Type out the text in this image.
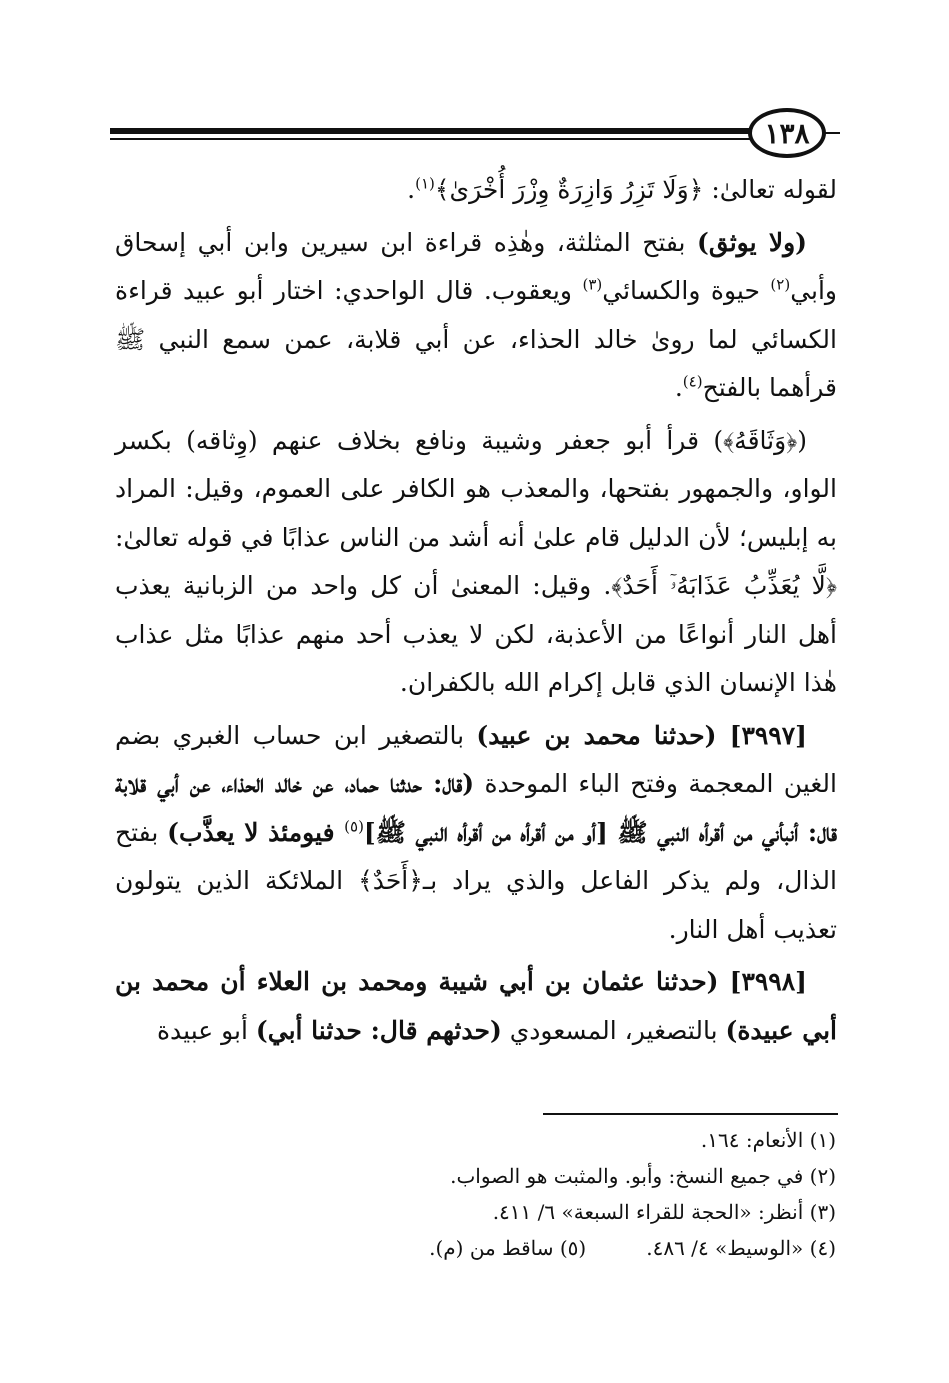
١٣٨

لقوله تعالىٰ: ﴿وَلَا تَزِرُ وَازِرَةٌ وِزْرَ أُخْرَىٰ﴾$^{(١)}$.

(ولا يوثق) بفتح المثلثة، وهٰذِه قراءة ابن سيرين وابن أبي إسحاق وأبي$^{(٢)}$ حيوة والكسائي$^{(٣)}$ ويعقوب. قال الواحدي: اختار أبو عبيد قراءة الكسائي لما روىٰ خالد الحذاء، عن أبي قلابة، عمن سمع النبي ﷺ قرأهما بالفتح$^{(٤)}$.

(﴿وَثَاقَهُ﴾) قرأ أبو جعفر وشيبة ونافع بخلاف عنهم (وِثاقه) بكسر الواو، والجمهور بفتحها، والمعذب هو الكافر على العموم، وقيل: المراد به إبليس؛ لأن الدليل قام علىٰ أنه أشد من الناس عذابًا في قوله تعالىٰ: ﴿لَّا يُعَذِّبُ عَذَابَهُۥٓ أَحَدٌ﴾. وقيل: المعنىٰ أن كل واحد من الزبانية يعذب أهل النار أنواعًا من الأعذبة، لكن لا يعذب أحد منهم عذابًا مثل عذاب هٰذا الإنسان الذي قابل إكرام الله بالكفران.

[٣٩٩٧] (حدثنا محمد بن عبيد) بالتصغير ابن حساب الغبري بضم الغين المعجمة وفتح الباء الموحدة (قال: حدثنا حماد، عن خالد الحذاء، عن أبي قلابة قال: أنبأني من أقرأه النبي ﷺ [أو من أقرأه من أقرأه النبي ﷺ]$^{(٥)}$ فيومئذ لا يعذَّب) بفتح الذال، ولم يذكر الفاعل والذي يراد بـ﴿أَحَدٌ﴾ الملائكة الذين يتولون تعذيب أهل النار.

[٣٩٩٨] (حدثنا عثمان بن أبي شيبة ومحمد بن العلاء أن محمد بن أبي عبيدة) بالتصغير، المسعودي (حدثهم قال: حدثنا أبي) أبو عبيدة

(١) الأنعام: ١٦٤.
(٢) في جميع النسخ: وأبو. والمثبت هو الصواب.
(٣) أنظر: «الحجة للقراء السبعة» ٦/ ٤١١.
(٤) «الوسيط» ٤/ ٤٨٦.
(٥) ساقط من (م).
